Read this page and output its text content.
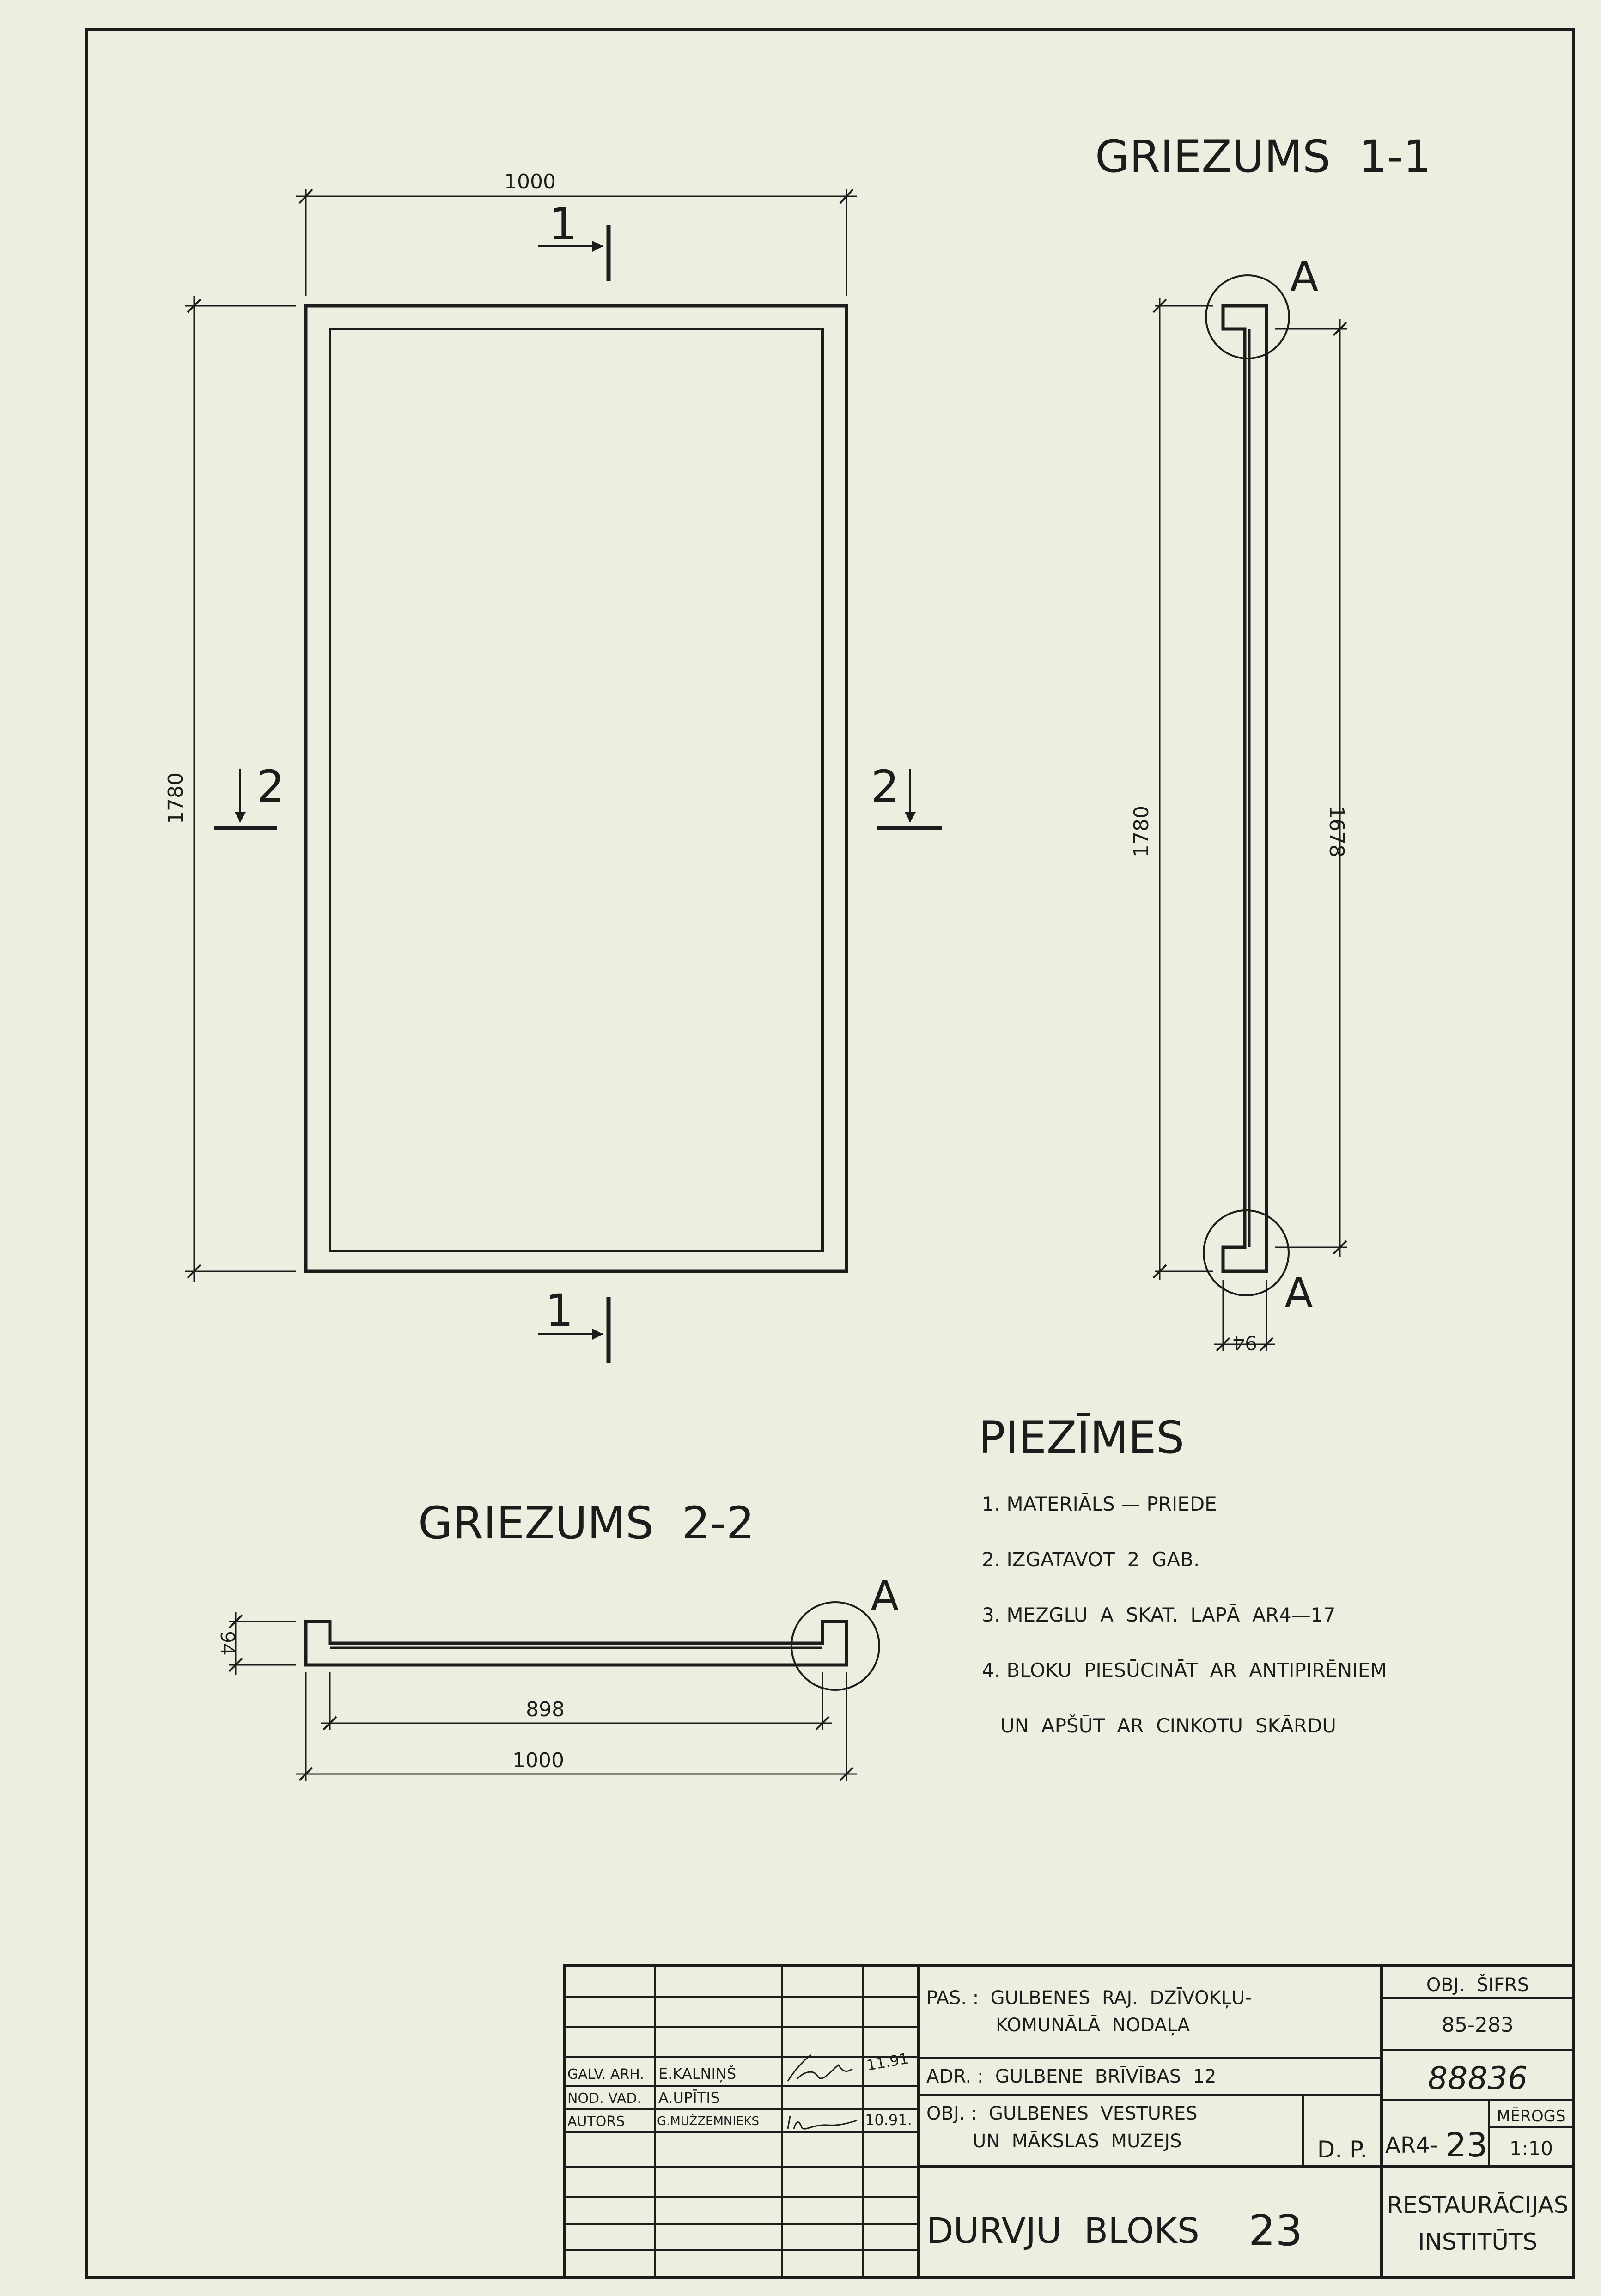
1000
1780
1
1
2	2
GRIEZUMS  1-1
A
A
1780	1678
94
GRIEZUMS  2-2
A
94
898
1000
PIEZĪMES
1. MATERIĀLS — PRIEDE
2. IZGATAVOT  2  GAB.
3. MEZGLU  A  SKAT.  LAPĀ  AR4—17
4. BLOKU  PIESŪCINĀT  AR  ANTIPIRĒNIEM
UN  APŠŪT  AR  CINKOTU  SKĀRDU
GALV. ARH. E.KALNIŅŠ	11.91
NOD. VAD. A.UPĪTIS
AUTORS	G.MUŽZEMNIEKS	10.91.
PAS. :  GULBENES  RAJ.  DZĪVOKĻU-
KOMUNĀLĀ  NODAĻA
ADR. :  GULBENE  BRĪVĪBAS  12
OBJ. :  GULBENES  VESTURES
UN  MĀKSLAS  MUZEJS	D. P.
DURVJU  BLOKS 23
OBJ.  ŠIFRS
85-283
88836
AR4- 23
MĒROGS
1:10
RESTAURĀCIJAS
INSTITŪTS
